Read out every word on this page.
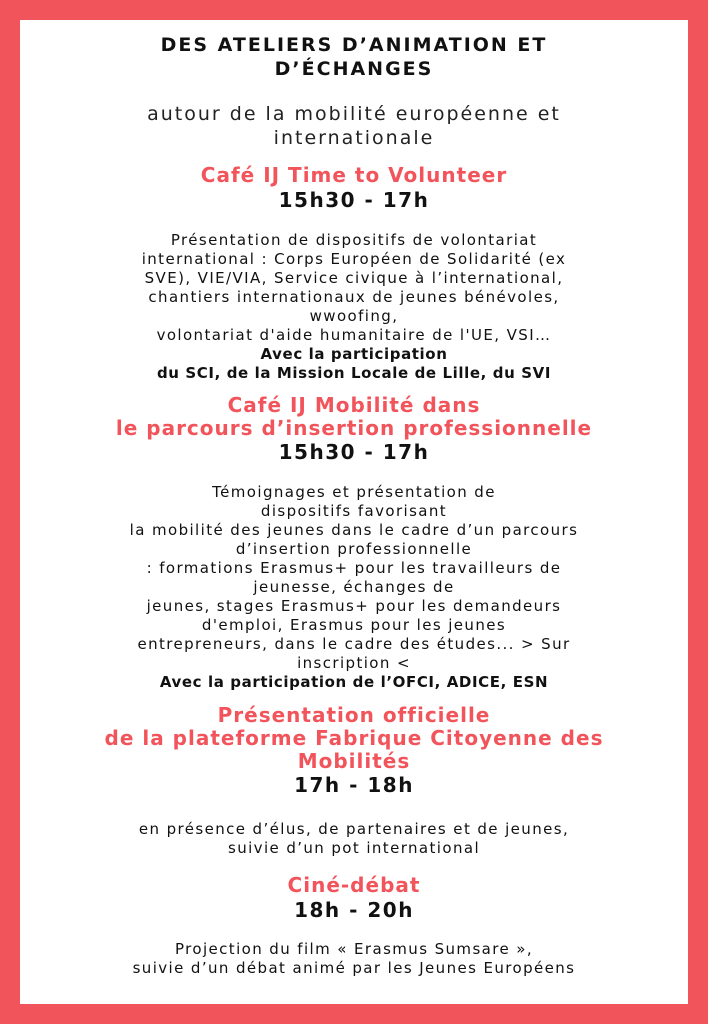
DES ATELIERS D’ANIMATION ET
D’ÉCHANGES
autour de la mobilité européenne et
internationale
Café IJ Time to Volunteer
15h30 - 17h
Présentation de dispositifs de volontariat
international : Corps Européen de Solidarité (ex
SVE), VIE/VIA, Service civique à l’international,
chantiers internationaux de jeunes bénévoles,
wwoofing,
volontariat d'aide humanitaire de l'UE, VSI…
Avec la participation
du SCI, de la Mission Locale de Lille, du SVI
Café IJ Mobilité dans
le parcours d’insertion professionnelle
15h30 - 17h
Témoignages et présentation de
dispositifs favorisant
la mobilité des jeunes dans le cadre d’un parcours
d’insertion professionnelle
: formations Erasmus+ pour les travailleurs de
jeunesse, échanges de
jeunes, stages Erasmus+ pour les demandeurs
d'emploi, Erasmus pour les jeunes
entrepreneurs, dans le cadre des études... > Sur
inscription <
Avec la participation de l’OFCI, ADICE, ESN
Présentation officielle
de la plateforme Fabrique Citoyenne des
Mobilités
17h - 18h
en présence d’élus, de partenaires et de jeunes,
suivie d’un pot international
Ciné-débat
18h - 20h
Projection du film « Erasmus Sumsare »,
suivie d’un débat animé par les Jeunes Européens
